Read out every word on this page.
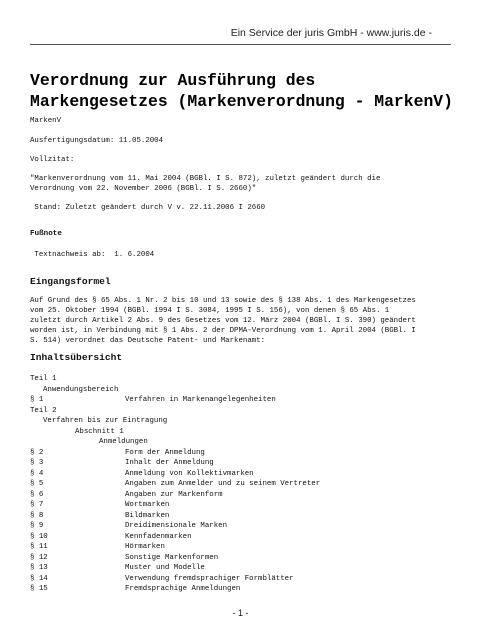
Ein Service der juris GmbH - www.juris.de -
Verordnung zur Ausführung des
Markengesetzes (Markenverordnung - MarkenV)
MarkenV
Ausfertigungsdatum: 11.05.2004
Vollzitat:
"Markenverordnung vom 11. Mai 2004 (BGBl. I S. 872), zuletzt geändert durch die
Verordnung vom 22. November 2006 (BGBl. I S. 2660)"
Stand: Zuletzt geändert durch V v. 22.11.2006 I 2660
Fußnote
Textnachweis ab:  1. 6.2004
Eingangsformel
Auf Grund des § 65 Abs. 1 Nr. 2 bis 10 und 13 sowie des § 138 Abs. 1 des Markengesetzes
vom 25. Oktober 1994 (BGBl. 1994 I S. 3084, 1995 I S. 156), von denen § 65 Abs. 1
zuletzt durch Artikel 2 Abs. 9 des Gesetzes vom 12. März 2004 (BGBl. I S. 390) geändert
worden ist, in Verbindung mit § 1 Abs. 2 der DPMA-Verordnung vom 1. April 2004 (BGBl. I
S. 514) verordnet das Deutsche Patent- und Markenamt:
Inhaltsübersicht
Teil 1
Anwendungsbereich
§ 1	Verfahren in Markenangelegenheiten
Teil 2
Verfahren bis zur Eintragung
Abschnitt 1
Anmeldungen
§ 2	Form der Anmeldung
§ 3	Inhalt der Anmeldung
§ 4	Anmeldung von Kollektivmarken
§ 5	Angaben zum Anmelder und zu seinem Vertreter
§ 6	Angaben zur Markenform
§ 7	Wortmarken
§ 8	Bildmarken
§ 9	Dreidimensionale Marken
§ 10	Kennfadenmarken
§ 11	Hörmarken
§ 12	Sonstige Markenformen
§ 13	Muster und Modelle
§ 14	Verwendung fremdsprachiger Formblätter
§ 15	Fremdsprachige Anmeldungen
- 1 -
